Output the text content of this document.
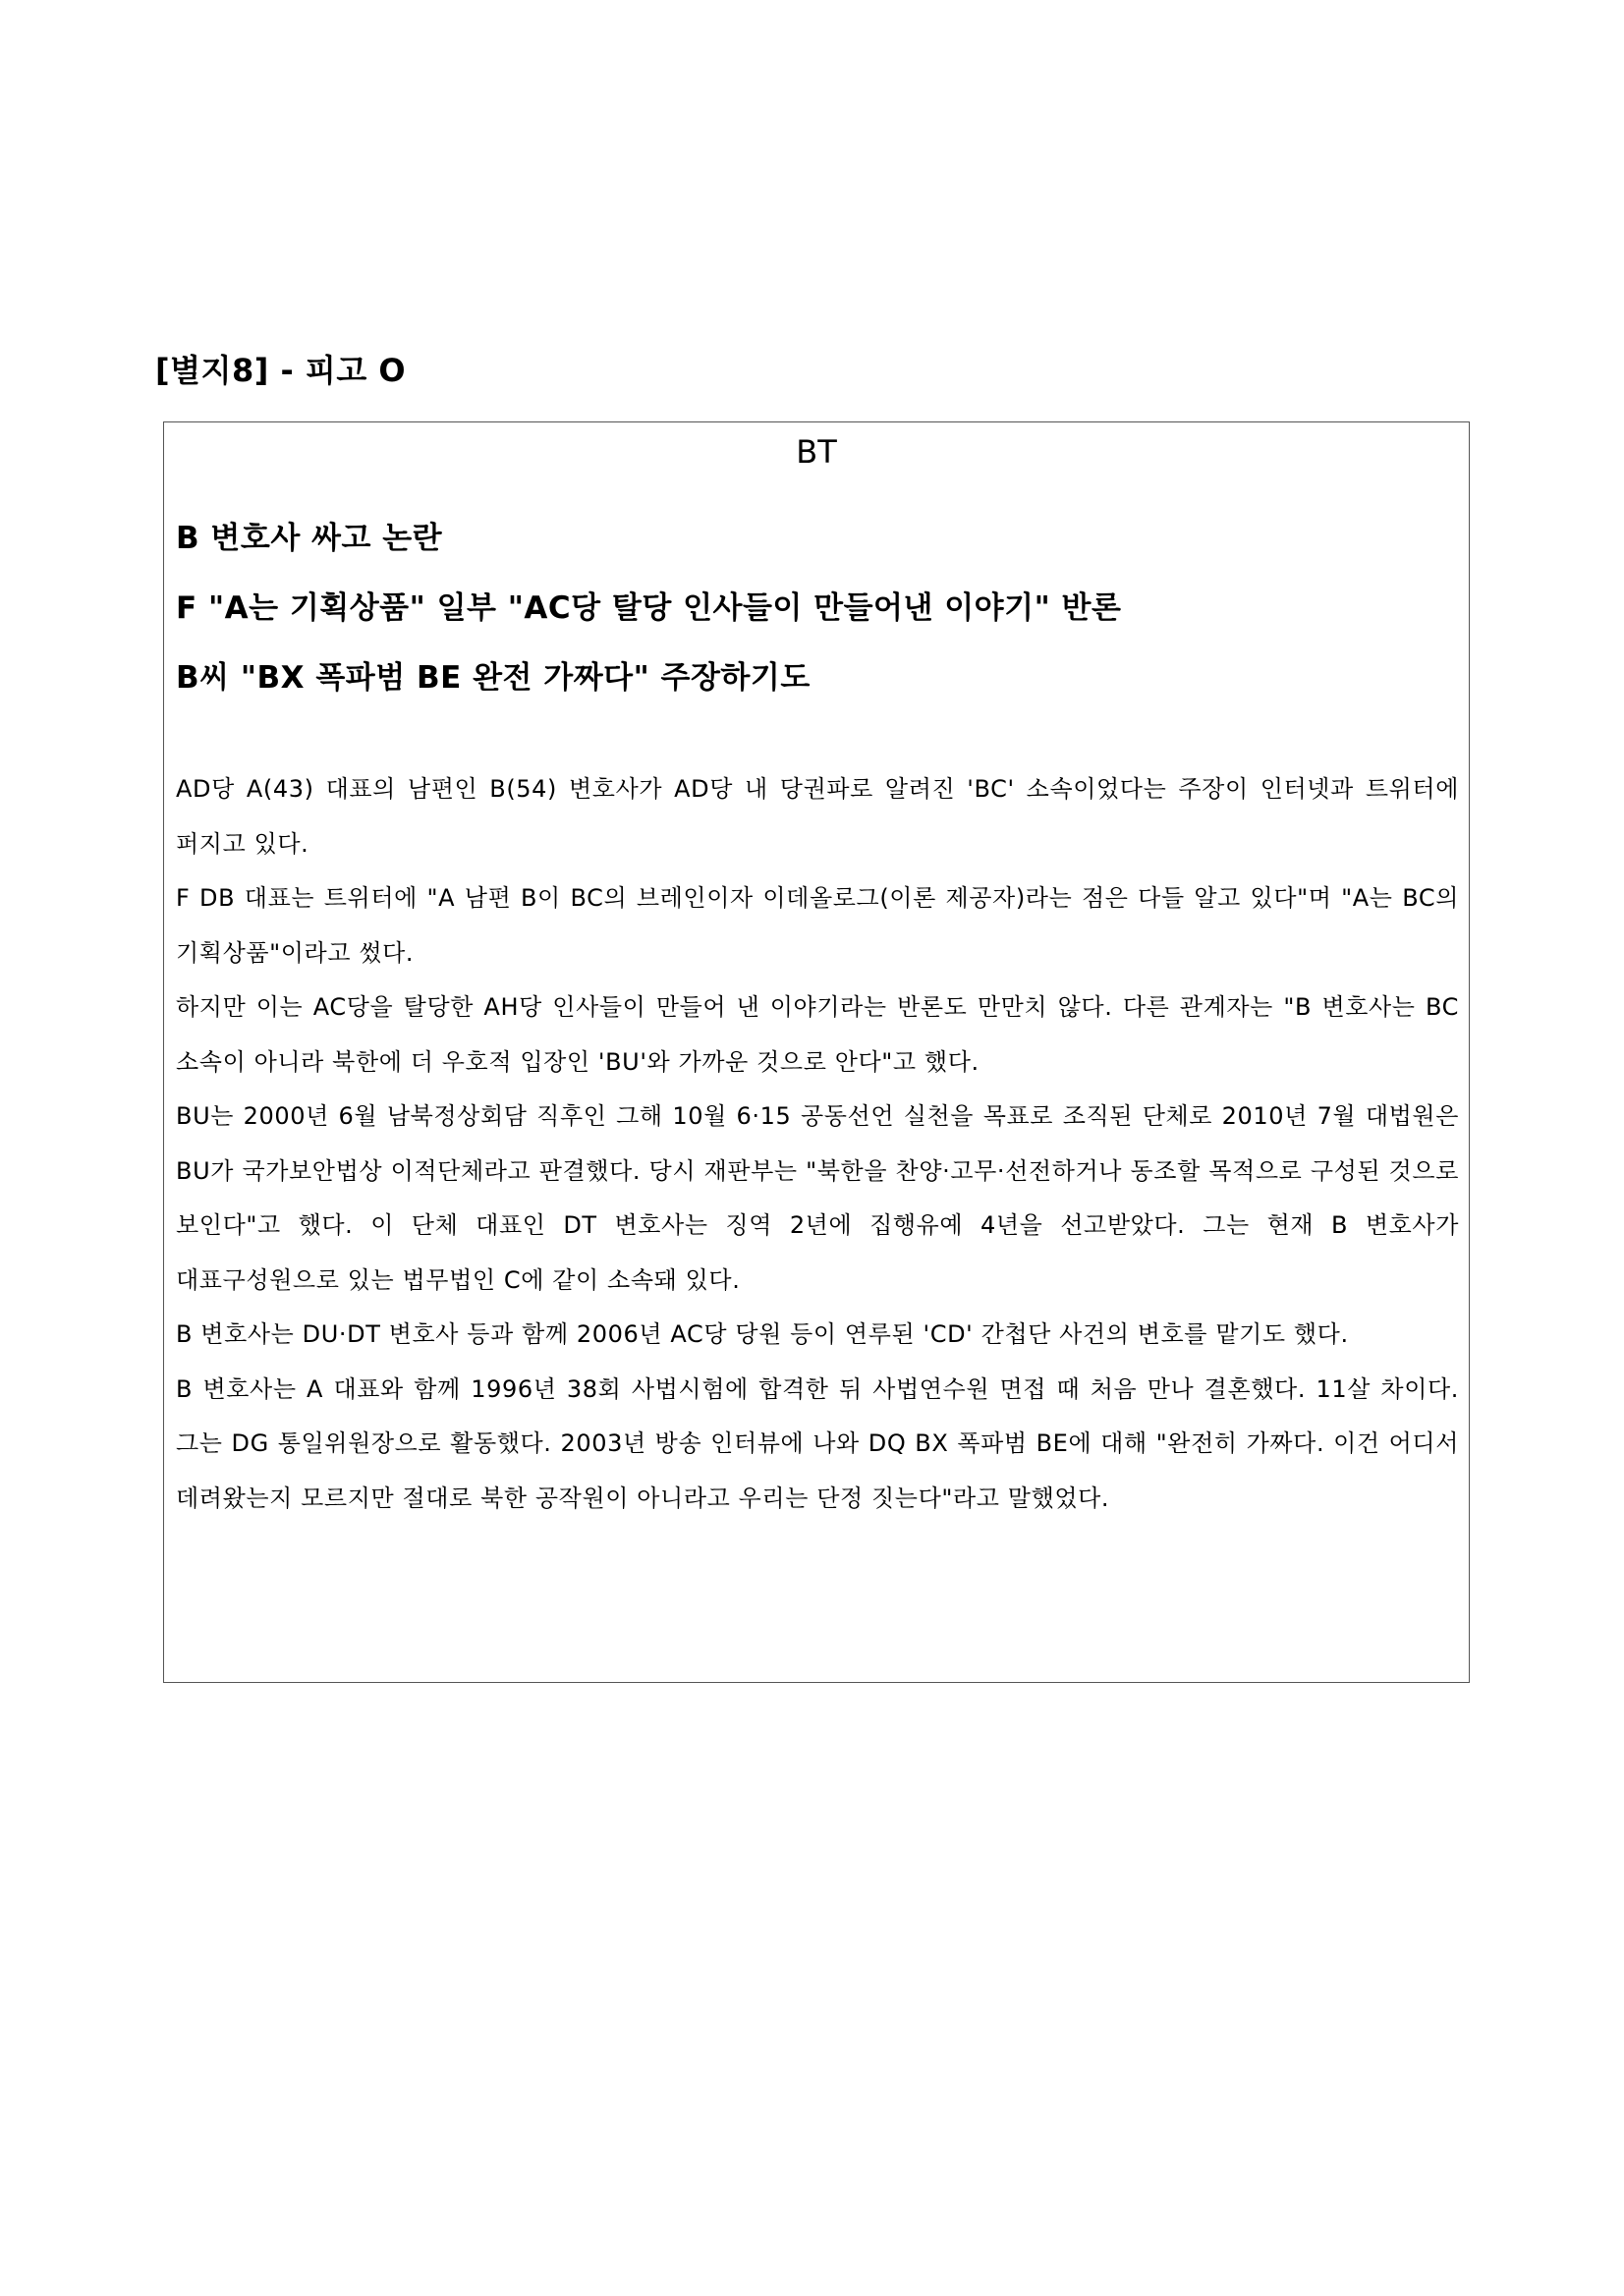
[별지8] - 피고 O
BT
B 변호사 싸고 논란
F "A는 기획상품" 일부 "AC당 탈당 인사들이 만들어낸 이야기" 반론
B씨 "BX 폭파범 BE 완전 가짜다" 주장하기도

AD당 A(43) 대표의 남편인 B(54) 변호사가 AD당 내 당권파로 알려진 'BC' 소속이었다는 주장이 인터넷과 트위터에 퍼지고 있다.

F DB 대표는 트위터에 "A 남편 B이 BC의 브레인이자 이데올로그(이론 제공자)라는 점은 다들 알고 있다"며 "A는 BC의 기획상품"이라고 썼다.

하지만 이는 AC당을 탈당한 AH당 인사들이 만들어 낸 이야기라는 반론도 만만치 않다. 다른 관계자는 "B 변호사는 BC 소속이 아니라 북한에 더 우호적 입장인 'BU'와 가까운 것으로 안다"고 했다.

BU는 2000년 6월 남북정상회담 직후인 그해 10월 6·15 공동선언 실천을 목표로 조직된 단체로 2010년 7월 대법원은 BU가 국가보안법상 이적단체라고 판결했다. 당시 재판부는 "북한을 찬양·고무·선전하거나 동조할 목적으로 구성된 것으로 보인다"고 했다. 이 단체 대표인 DT 변호사는 징역 2년에 집행유예 4년을 선고받았다. 그는 현재 B 변호사가 대표구성원으로 있는 법무법인 C에 같이 소속돼 있다.

B 변호사는 DU·DT 변호사 등과 함께 2006년 AC당 당원 등이 연루된 'CD' 간첩단 사건의 변호를 맡기도 했다.

B 변호사는 A 대표와 함께 1996년 38회 사법시험에 합격한 뒤 사법연수원 면접 때 처음 만나 결혼했다. 11살 차이다. 그는 DG 통일위원장으로 활동했다. 2003년 방송 인터뷰에 나와 DQ BX 폭파범 BE에 대해 "완전히 가짜다. 이건 어디서 데려왔는지 모르지만 절대로 북한 공작원이 아니라고 우리는 단정 짓는다"라고 말했었다.
